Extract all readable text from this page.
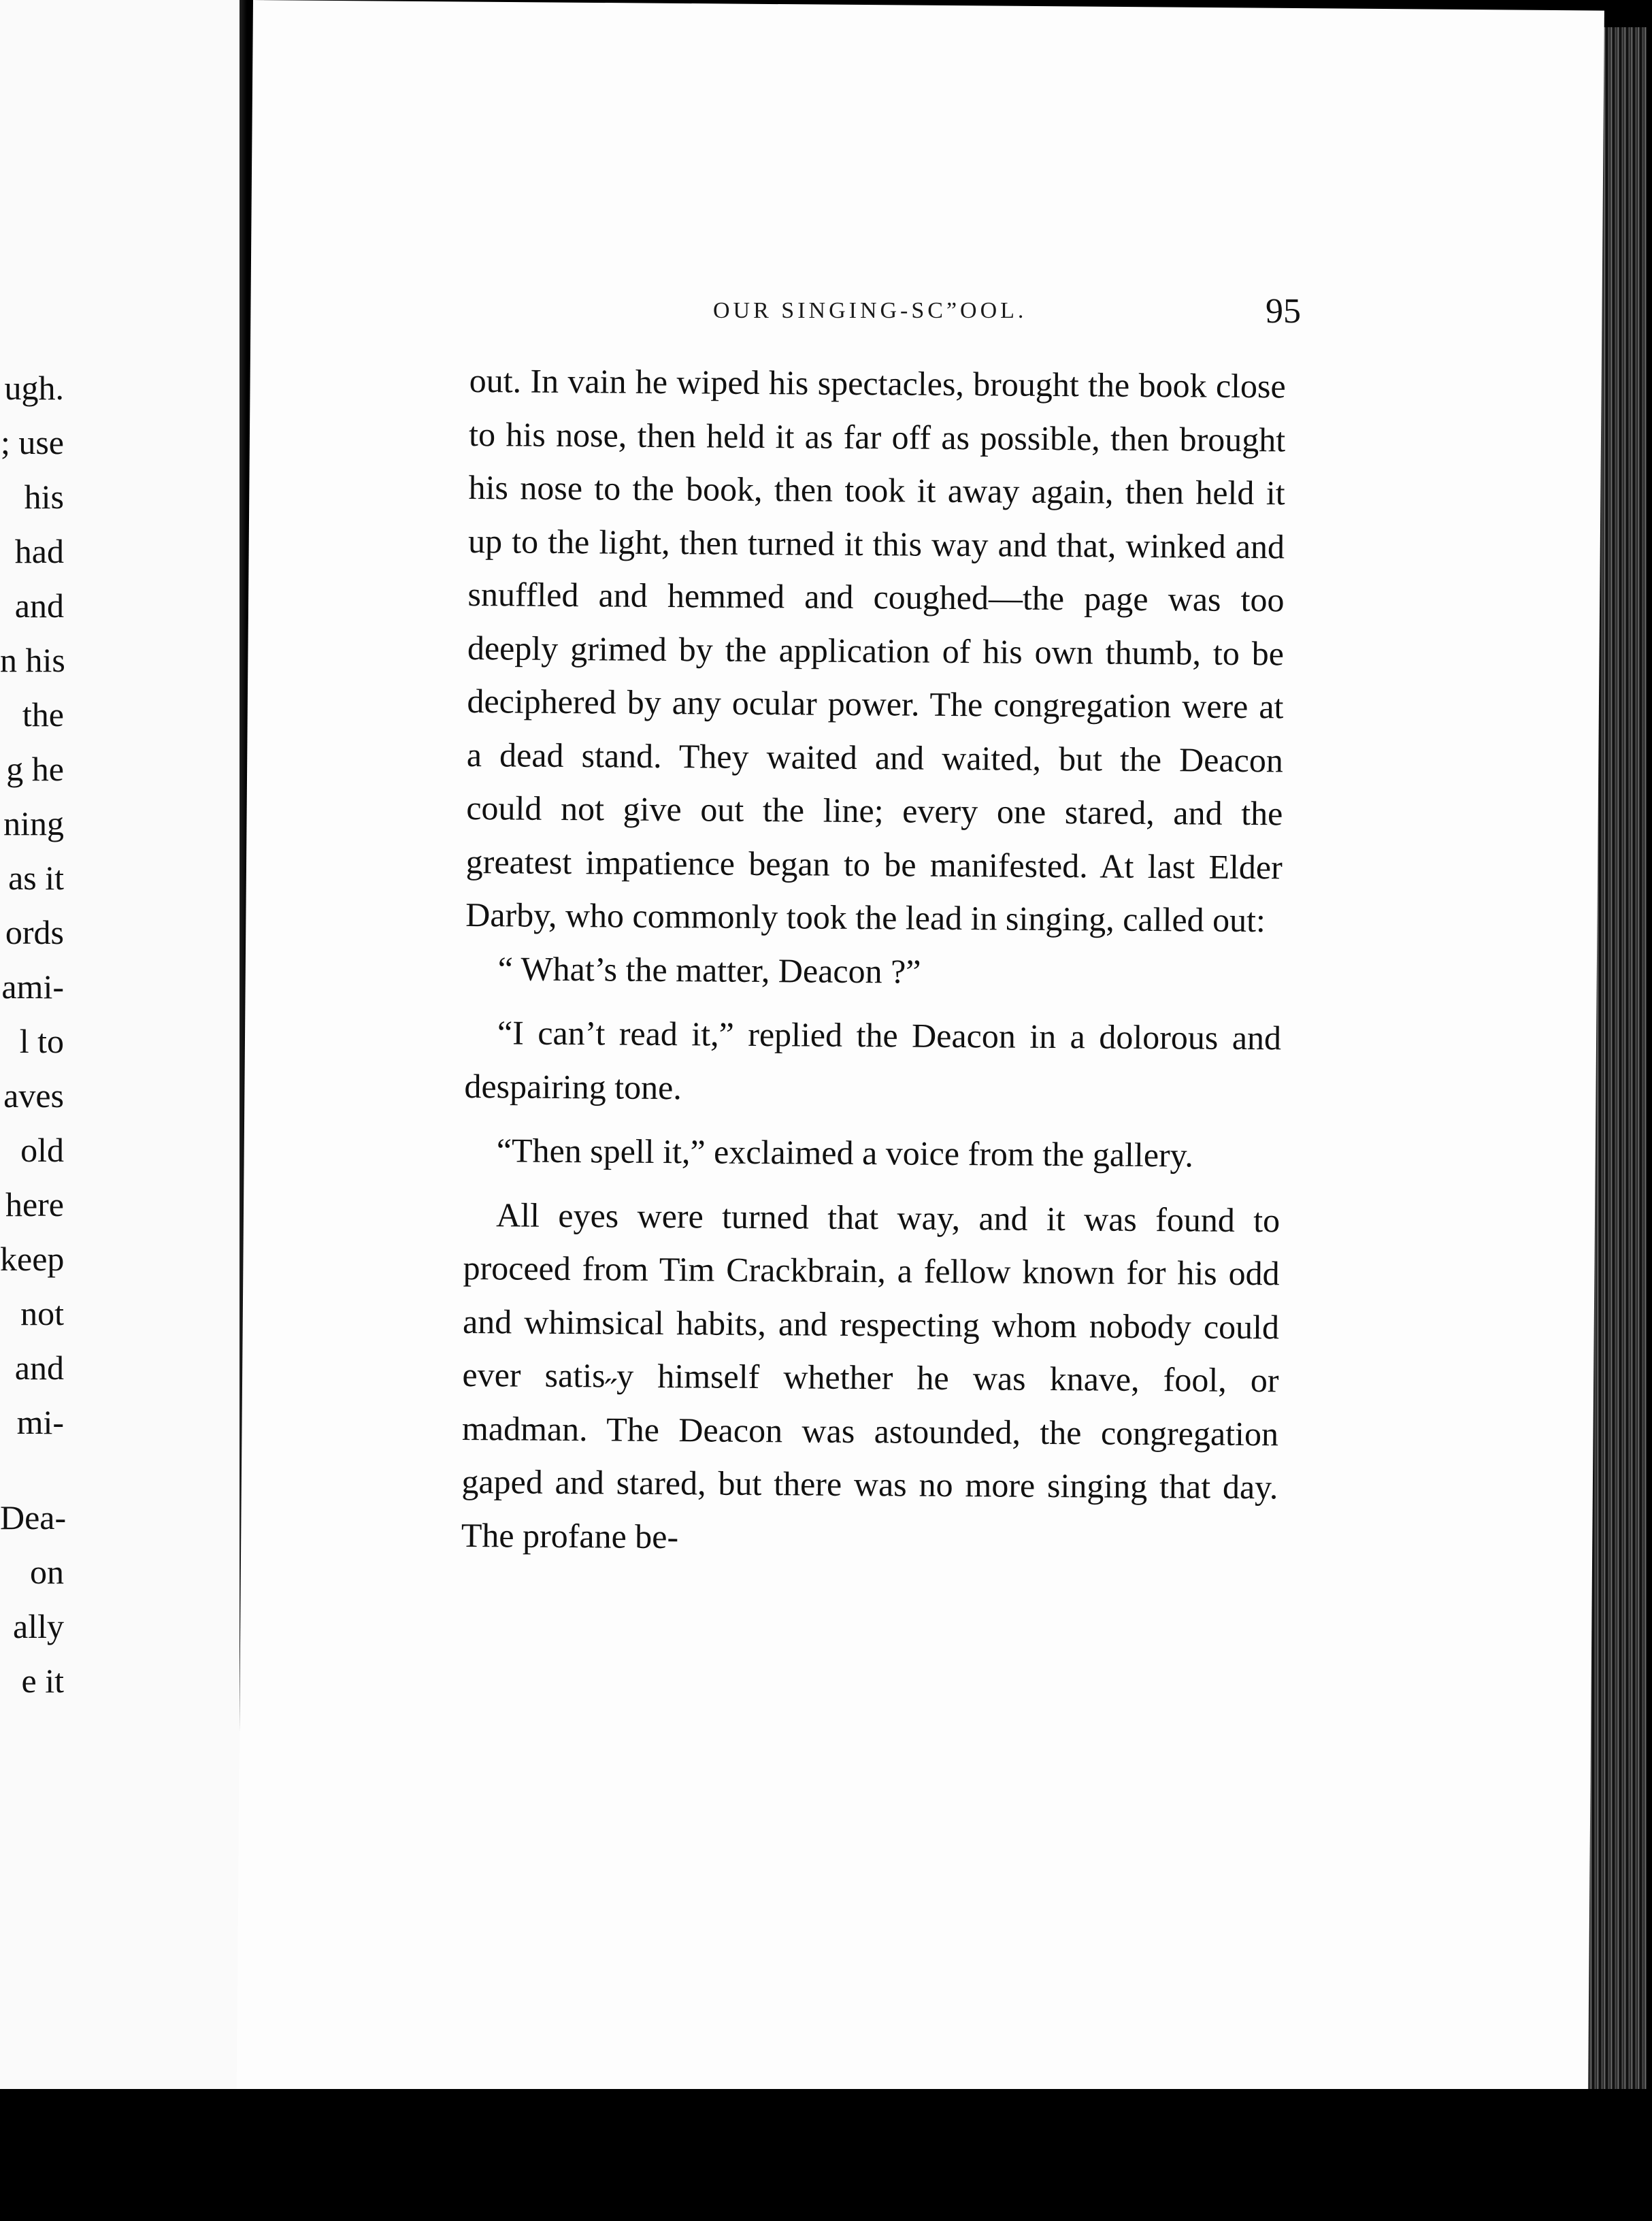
ugh.
; use
his
had
and
n his
the
g he
ning
as it
ords
ami-
l to
aves
old
here
keep
not
and
mi-
Dea-
on
ally
e it
OUR SINGING-SC”OOL.	95

out. In vain he wiped his spectacles, brought the book close to his nose, then held it as far off as possible, then brought his nose to the book, then took it away again, then held it up to the light, then turned it this way and that, winked and snuffled and hemmed and coughed—the page was too deeply grimed by the application of his own thumb, to be deciphered by any ocular power. The congregation were at a dead stand. They waited and waited, but the Deacon could not give out the line; every one stared, and the greatest impatience began to be manifested. At last Elder Darby, who commonly took the lead in singing, called out:

“ What’s the matter, Deacon ?”

“I can’t read it,” replied the Deacon in a dolorous and despairing tone.

“Then spell it,” exclaimed a voice from the gallery.

All eyes were turned that way, and it was found to proceed from Tim Crackbrain, a fellow known for his odd and whimsical habits, and respecting whom nobody could ever satis˶y himself whether he was knave, fool, or madman. The Deacon was astounded, the congregation gaped and stared, but there was no more singing that day. The profane be-
